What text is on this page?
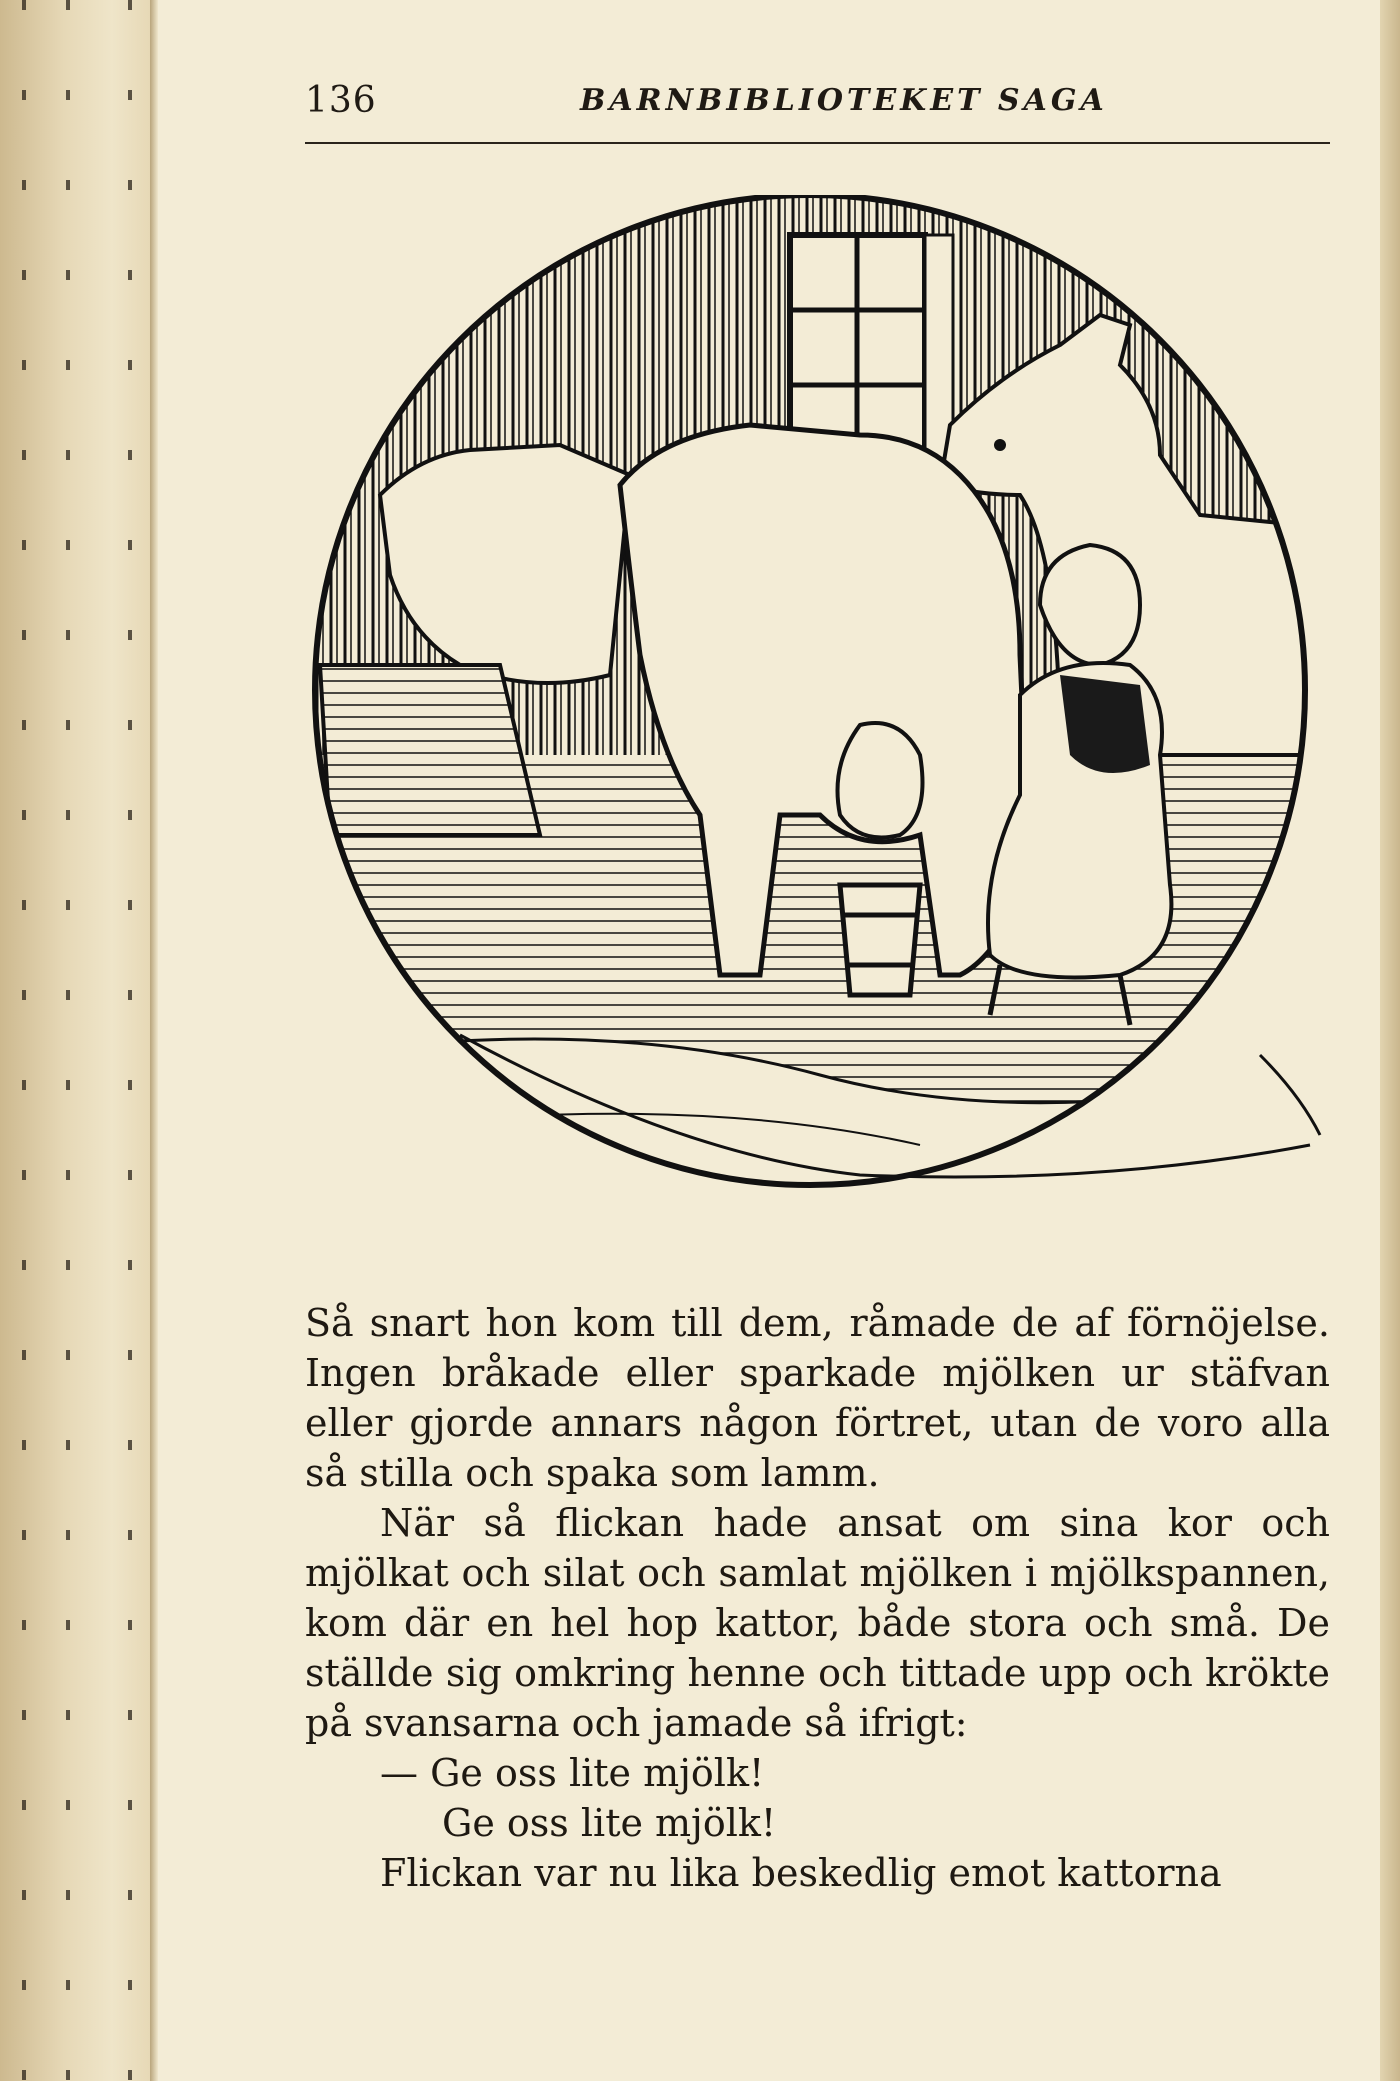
136	BARNBIBLIOTEKET SAGA

Så snart hon kom till dem, råmade de af förnöjelse. Ingen bråkade eller sparkade mjölken ur stäfvan eller gjorde annars någon förtret, utan de voro alla så stilla och spaka som lamm.

När så flickan hade ansat om sina kor och mjölkat och silat och samlat mjölken i mjölkspannen, kom där en hel hop kattor, både stora och små. De ställde sig omkring henne och tittade upp och krökte på svansarna och jamade så ifrigt:

— Ge oss lite mjölk!

Ge oss lite mjölk!

Flickan var nu lika beskedlig emot kattorna
